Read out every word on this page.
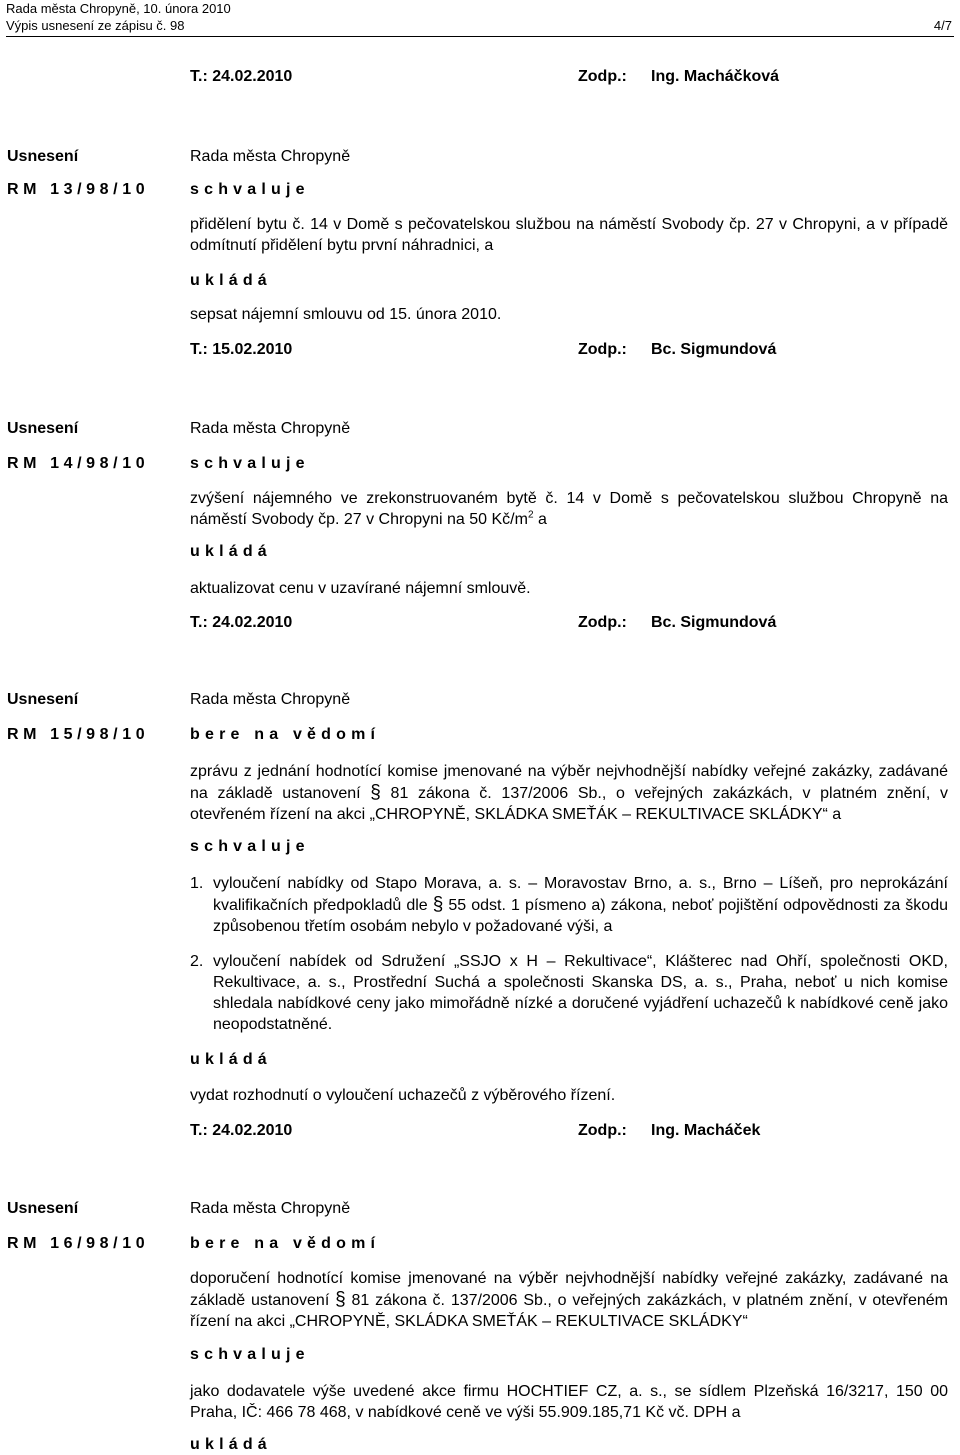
Rada města Chropyně, 10. února 2010
Výpis usnesení ze zápisu č. 98	4/7
T.: 24.02.2010	Zodp.: Ing. Macháčková
Usnesení
RM 13/98/10
Rada města Chropyně
schvaluje
přidělení bytu č. 14 v Domě s pečovatelskou službou na náměstí Svobody čp. 27 v Chropyni, a v případě odmítnutí přidělení bytu první náhradnici, a
ukládá
sepsat nájemní smlouvu od 15. února 2010.
T.: 15.02.2010	Zodp.: Bc. Sigmundová
Usnesení
RM 14/98/10
Rada města Chropyně
schvaluje
zvýšení nájemného ve zrekonstruovaném bytě č. 14 v Domě s pečovatelskou službou Chropyně na náměstí Svobody čp. 27 v Chropyni na 50 $Kč/m^2$ a
ukládá
aktualizovat cenu v uzavírané nájemní smlouvě.
T.: 24.02.2010	Zodp.: Bc. Sigmundová
Usnesení
RM 15/98/10
Rada města Chropyně
bere na vědomí
zprávu z jednání hodnotící komise jmenované na výběr nejvhodnější nabídky veřejné zakázky, zadávané na základě ustanovení § 81 zákona č. 137/2006 Sb., o veřejných zakázkách, v platném znění, v otevřeném řízení na akci „CHROPYNĚ, SKLÁDKA SMEŤÁK – REKULTIVACE SKLÁDKY“ a
schvaluje
1. vyloučení nabídky od Stapo Morava, a. s. – Moravostav Brno, a. s., Brno – Líšeň, pro neprokázání kvalifikačních předpokladů dle § 55 odst. 1 písmeno a) zákona, neboť pojištění odpovědnosti za škodu způsobenou třetím osobám nebylo v požadované výši, a
2. vyloučení nabídek od Sdružení „SSJO x H – Rekultivace“, Klášterec nad Ohří, společnosti OKD, Rekultivace, a. s., Prostřední Suchá a společnosti Skanska DS, a. s., Praha, neboť u nich komise shledala nabídkové ceny jako mimořádně nízké a doručené vyjádření uchazečů k nabídkové ceně jako neopodstatněné.
ukládá
vydat rozhodnutí o vyloučení uchazečů z výběrového řízení.
T.: 24.02.2010	Zodp.: Ing. Macháček
Usnesení
RM 16/98/10
Rada města Chropyně
bere na vědomí
doporučení hodnotící komise jmenované na výběr nejvhodnější nabídky veřejné zakázky, zadávané na základě ustanovení § 81 zákona č. 137/2006 Sb., o veřejných zakázkách, v platném znění, v otevřeném řízení na akci „CHROPYNĚ, SKLÁDKA SMEŤÁK – REKULTIVACE SKLÁDKY“
schvaluje
jako dodavatele výše uvedené akce firmu HOCHTIEF CZ, a. s., se sídlem Plzeňská 16/3217, 150 00 Praha, IČ: 466 78 468, v nabídkové ceně ve výši 55.909.185,71 Kč vč. DPH a
ukládá
